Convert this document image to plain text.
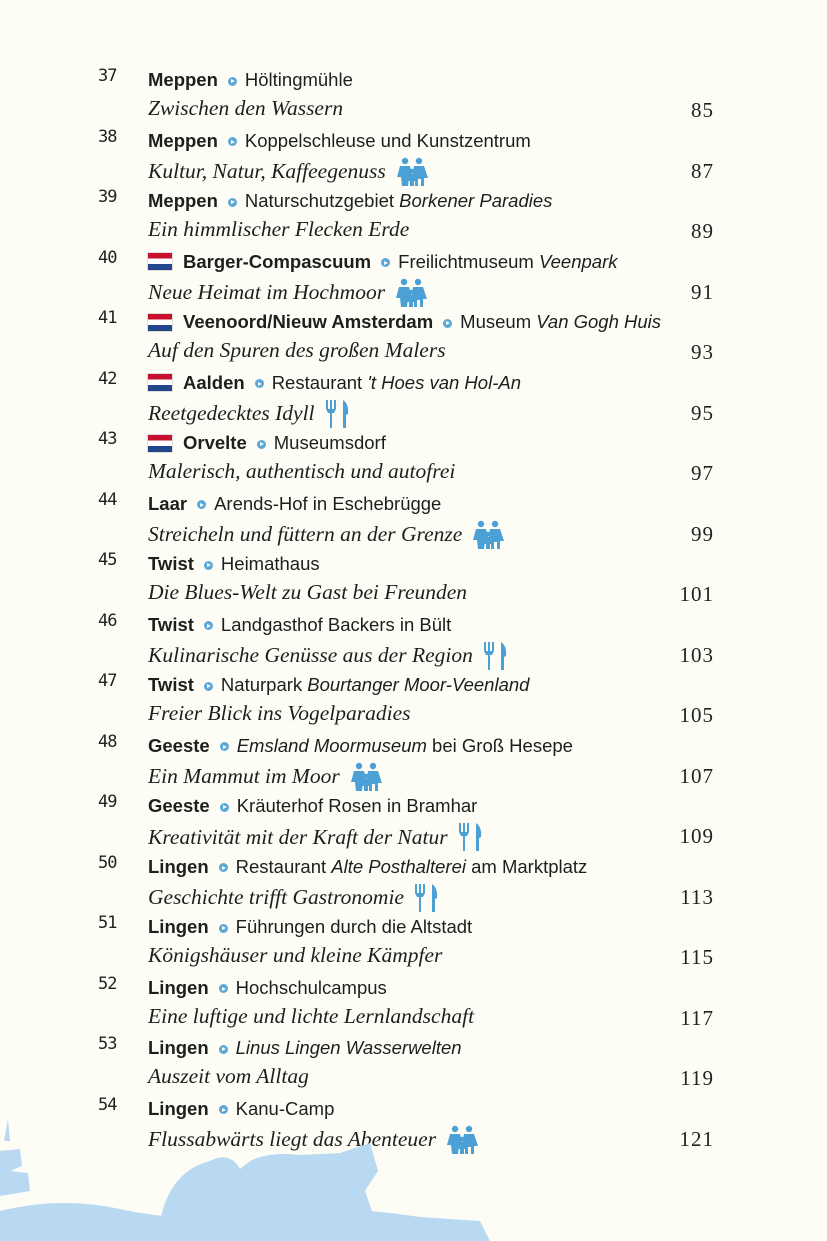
37 Meppen Höltingmühle
Zwischen den Wassern	85
38 Meppen Koppelschleuse und Kunstzentrum
Kultur, Natur, Kaffeegenuss	87
39 Meppen Naturschutzgebiet Borkener Paradies
Ein himmlischer Flecken Erde	89
40	Barger-Compascuum Freilichtmuseum Veenpark
Neue Heimat im Hochmoor	91
41	Veenoord/Nieuw Amsterdam Museum Van Gogh Huis
Auf den Spuren des großen Malers	93
42	Aalden Restaurant 't Hoes van Hol-An
Reetgedecktes Idyll	95
43	Orvelte Museumsdorf
Malerisch, authentisch und autofrei	97
44 Laar Arends-Hof in Eschebrügge
Streicheln und füttern an der Grenze	99
45 Twist Heimathaus
Die Blues-Welt zu Gast bei Freunden	101
46 Twist Landgasthof Backers in Bült
Kulinarische Genüsse aus der Region	103
47 Twist Naturpark Bourtanger Moor-Veenland
Freier Blick ins Vogelparadies	105
48 Geeste Emsland Moormuseum bei Groß Hesepe
Ein Mammut im Moor	107
49 Geeste Kräuterhof Rosen in Bramhar
Kreativität mit der Kraft der Natur	109
50 Lingen Restaurant Alte Posthalterei am Marktplatz
Geschichte trifft Gastronomie	113
51 Lingen Führungen durch die Altstadt
Königshäuser und kleine Kämpfer	115
52 Lingen Hochschulcampus
Eine luftige und lichte Lernlandschaft	117
53 Lingen Linus Lingen Wasserwelten
Auszeit vom Alltag	119
54 Lingen Kanu-Camp
Flussabwärts liegt das Abenteuer	121
